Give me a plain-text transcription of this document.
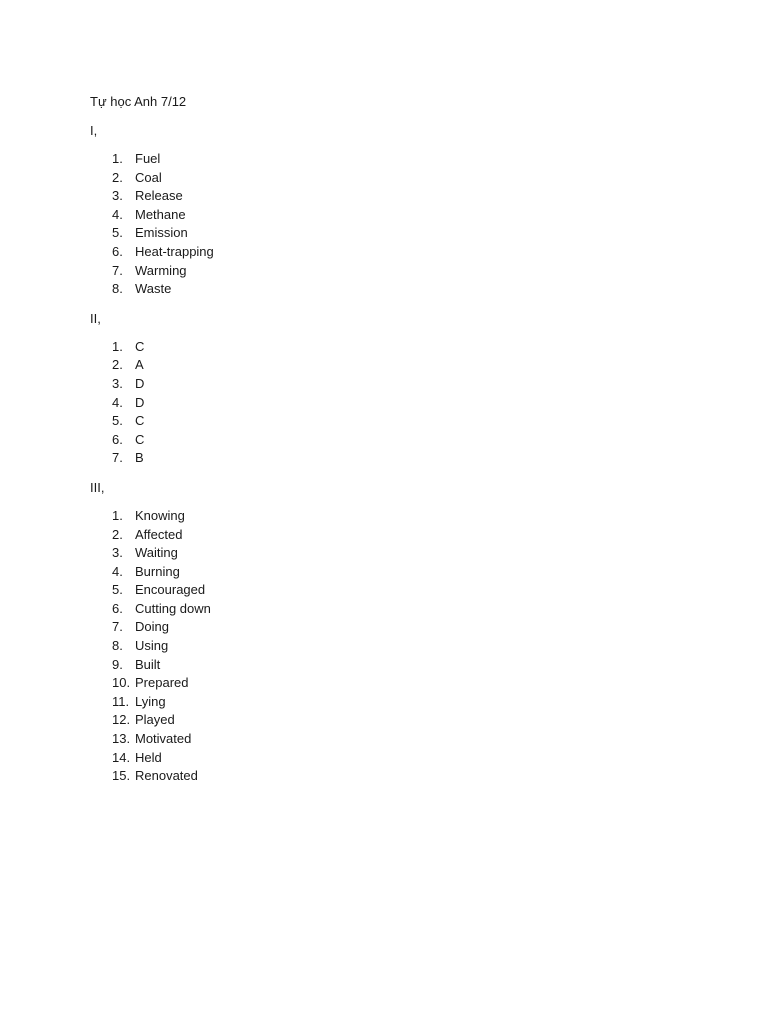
Tự học Anh 7/12

I,

1. Fuel
2. Coal
3. Release
4. Methane
5. Emission
6. Heat-trapping
7. Warming
8. Waste

II,

1. C
2. A
3. D
4. D
5. C
6. C
7. B

III,

1. Knowing
2. Affected
3. Waiting
4. Burning
5. Encouraged
6. Cutting down
7. Doing
8. Using
9. Built
10. Prepared
11. Lying
12. Played
13. Motivated
14. Held
15. Renovated
